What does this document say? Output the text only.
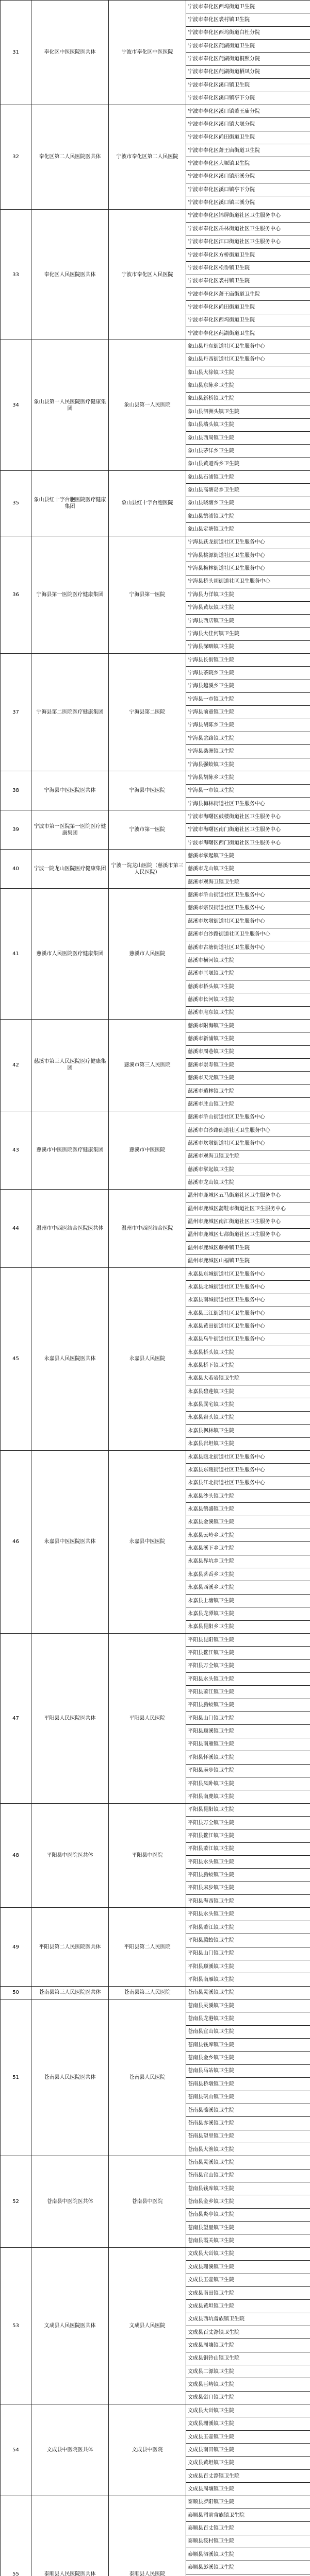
31	奉化区中医医院医共体	宁波市奉化区中医医院	宁波市奉化区西坞街道卫生院
			宁波市奉化区裘村镇卫生院
			宁波市奉化区西坞街道白杜分院
			宁波市奉化区莼湖街道卫生院
			宁波市奉化区莼湖街道桐照分院
			宁波市奉化区莼湖街道栖凤分院
			宁波市奉化区溪口镇卫生院
			宁波市奉化区溪口镇亭下分院
32	奉化区第二人民医院医共体	宁波市奉化区第二人民医院	宁波市奉化区溪口镇萧王庙分院
			宁波市奉化区溪口镇大堰分院
			宁波市奉化区尚田街道卫生院
			宁波市奉化区萧王庙街道卫生院
			宁波市奉化区大堰镇卫生院
			宁波市奉化区溪口镇班溪分院
			宁波市奉化区溪口镇亭下分院
			宁波市奉化区溪口镇三溪分院
33	奉化区人民医院医共体	宁波市奉化区人民医院	宁波市奉化区锦屏街道社区卫生服务中心
			宁波市奉化区岳林街道社区卫生服务中心
			宁波市奉化区江口街道社区卫生服务中心
			宁波市奉化区方桥街道卫生院
			宁波市奉化区松岙镇卫生院
			宁波市奉化区裘村镇卫生院
			宁波市奉化区萧王庙街道卫生院
			宁波市奉化区尚田街道卫生院
			宁波市奉化区西坞街道卫生院
			宁波市奉化区莼湖街道卫生院
34	象山县第一人民医院医疗健康集团	象山县第一人民医院	象山县丹东街道社区卫生服务中心
			象山县丹西街道社区卫生服务中心
			象山县大徐镇卫生院
			象山县东陈乡卫生院
			象山县新桥镇卫生院
			象山县泗洲头镇卫生院
			象山县墙头镇卫生院
			象山县西周镇卫生院
			象山县茅洋乡卫生院
			象山县黄避岙乡卫生院
35	象山县红十字台胞医院医疗健康集团	象山县红十字台胞医院	象山县石浦镇卫生院
			象山县高塘岛乡卫生院
			象山县晓塘乡卫生院
			象山县鹤浦镇卫生院
			象山县定塘镇卫生院
36	宁海县第一医院医疗健康集团	宁海县第一医院	宁海县跃龙街道社区卫生服务中心
			宁海县桃源街道社区卫生服务中心
			宁海县梅林街道社区卫生服务中心
			宁海县桥头胡街道社区卫生服务中心
			宁海县力洋镇卫生院
			宁海县黄坛镇卫生院
			宁海县西店镇卫生院
			宁海县大佳何镇卫生院
			宁海县深甽镇卫生院
37	宁海县第二医院医疗健康集团	宁海县第二医院	宁海县长街镇卫生院
			宁海县茶院乡卫生院
			宁海县越溪乡卫生院
			宁海县一市镇卫生院
			宁海县前童镇卫生院
			宁海县胡陈乡卫生院
			宁海县岔路镇卫生院
			宁海县桑洲镇卫生院
			宁海县强蛟镇卫生院
38	宁海县中医医院医共体	宁海县中医医院	宁海县胡陈乡卫生院
			宁海县一市镇卫生院
			宁海县梅林街道社区卫生服务中心
39	宁波市第一医院第一医院医疗健康集团	宁波市第一医院	宁波市海曙区鼓楼街道社区卫生服务中心
			宁波市海曙区南门街道社区卫生服务中心
			宁波市海曙区西门街道社区卫生服务中心
40	宁波一院龙山医院医疗健康集团	宁波一院龙山医院（慈溪市第三人民医院）	慈溪市掌起镇卫生院
			慈溪市龙山镇卫生院
			慈溪市观海卫镇卫生院
41	慈溪市人民医院医疗健康集团	慈溪市人民医院	慈溪市浒山街道社区卫生服务中心
			慈溪市宗汉街道社区卫生服务中心
			慈溪市坎墩街道社区卫生服务中心
			慈溪市白沙路街道社区卫生服务中心
			慈溪市古塘街道社区卫生服务中心
			慈溪市横河镇卫生院
			慈溪市匡堰镇卫生院
			慈溪市桥头镇卫生院
			慈溪市长河镇卫生院
			慈溪市庵东镇卫生院
42	慈溪市第三人民医院医疗健康集团	慈溪市第三人民医院	慈溪市附海镇卫生院
			慈溪市新浦镇卫生院
			慈溪市周巷镇卫生院
			慈溪市崇寿镇卫生院
			慈溪市天元镇卫生院
			慈溪市逍林镇卫生院
			慈溪市胜山镇卫生院
43	慈溪市中医医院医疗健康集团	慈溪市中医医院	慈溪市浒山街道社区卫生服务中心
			慈溪市白沙路街道社区卫生服务中心
			慈溪市坎墩街道社区卫生服务中心
			慈溪市观海卫镇卫生院
			慈溪市掌起镇卫生院
			慈溪市龙山镇卫生院
44	温州市中西医结合医院医共体	温州市中西医结合医院	温州市鹿城区五马街道社区卫生服务中心
			温州市鹿城区蒲鞋市街道社区卫生服务中心
			温州市鹿城区南汇街道社区卫生服务中心
			温州市鹿城区七都街道社区卫生服务中心
			温州市鹿城区藤桥镇卫生院
			温州市鹿城区山福镇卫生院
45	永嘉县人民医院医共体	永嘉县人民医院	永嘉县东城街道社区卫生服务中心
			永嘉县北城街道社区卫生服务中心
			永嘉县南城街道社区卫生服务中心
			永嘉县三江街道社区卫生服务中心
			永嘉县黄田街道社区卫生服务中心
			永嘉县乌牛街道社区卫生服务中心
			永嘉县桥头镇卫生院
			永嘉县桥下镇卫生院
			永嘉县大若岩镇卫生院
			永嘉县碧莲镇卫生院
			永嘉县巽宅镇卫生院
			永嘉县岩头镇卫生院
			永嘉县枫林镇卫生院
			永嘉县岩坦镇卫生院
46	永嘉县中医医院医共体	永嘉县中医医院	永嘉县瓯北街道社区卫生服务中心
			永嘉县东瓯街道社区卫生服务中心
			永嘉县江北街道社区卫生服务中心
			永嘉县沙头镇卫生院
			永嘉县鹤盛镇卫生院
			永嘉县金溪镇卫生院
			永嘉县云岭乡卫生院
			永嘉县溪下乡卫生院
			永嘉县界坑乡卫生院
			永嘉县茗岙乡卫生院
			永嘉县西溪乡卫生院
			永嘉县上塘镇卫生院
			永嘉县龙潭镇卫生院
			永嘉县昆阳乡卫生院
47	平阳县人民医院医共体	平阳县人民医院	平阳县昆阳镇卫生院
			平阳县鳌江镇卫生院
			平阳县万全镇卫生院
			平阳县水头镇卫生院
			平阳县萧江镇卫生院
			平阳县腾蛟镇卫生院
			平阳县山门镇卫生院
			平阳县顺溪镇卫生院
			平阳县南雁镇卫生院
			平阳县怀溪镇卫生院
			平阳县麻步镇卫生院
			平阳县凤卧镇卫生院
			平阳县南麂镇卫生院
48	平阳县中医院医共体	平阳县中医院	平阳县昆阳镇卫生院
			平阳县万全镇卫生院
			平阳县鳌江镇卫生院
			平阳县萧江镇卫生院
			平阳县水头镇卫生院
			平阳县腾蛟镇卫生院
			平阳县麻步镇卫生院
			平阳县海西镇卫生院
49	平阳县第二人民医院医共体	平阳县第二人民医院	平阳县水头镇卫生院
			平阳县萧江镇卫生院
			平阳县腾蛟镇卫生院
			平阳县山门镇卫生院
			平阳县顺溪镇卫生院
			平阳县南雁镇卫生院
50	苍南县第三人民医院医共体	苍南县第三人民医院	苍南县灵溪镇卫生院
51	苍南县人民医院医共体	苍南县人民医院	苍南县灵溪镇卫生院
			苍南县龙港镇卫生院
			苍南县宜山镇卫生院
			苍南县钱库镇卫生院
			苍南县金乡镇卫生院
			苍南县马站镇卫生院
			苍南县桥墩镇卫生院
			苍南县矾山镇卫生院
			苍南县藻溪镇卫生院
			苍南县赤溪镇卫生院
			苍南县望里镇卫生院
			苍南县大渔镇卫生院
52	苍南县中医院医共体	苍南县中医院	苍南县灵溪镇卫生院
			苍南县宜山镇卫生院
			苍南县钱库镇卫生院
			苍南县金乡镇卫生院
			苍南县炎亭镇卫生院
			苍南县望里镇卫生院
			苍南县霞关镇卫生院
53	文成县人民医院医共体	文成县人民医院	文成县大峃镇卫生院
			文成县珊溪镇卫生院
			文成县玉壶镇卫生院
			文成县南田镇卫生院
			文成县黄坦镇卫生院
			文成县西坑畲族镇卫生院
			文成县百丈漈镇卫生院
			文成县周壤镇卫生院
			文成县铜铃山镇卫生院
			文成县二源镇卫生院
			文成县巨屿镇卫生院
			文成县峃口镇卫生院
54	文成县中医院医共体	文成县中医院	文成县大峃镇卫生院
			文成县珊溪镇卫生院
			文成县玉壶镇卫生院
			文成县南田镇卫生院
			文成县黄坦镇卫生院
			文成县百丈漈镇卫生院
			文成县周壤镇卫生院
55	泰顺县人民医院医共体	泰顺县人民医院	泰顺县罗阳镇卫生院
			泰顺县司前畲族镇卫生院
			泰顺县百丈镇卫生院
			泰顺县筱村镇卫生院
			泰顺县泗溪镇卫生院
			泰顺县彭溪镇卫生院
